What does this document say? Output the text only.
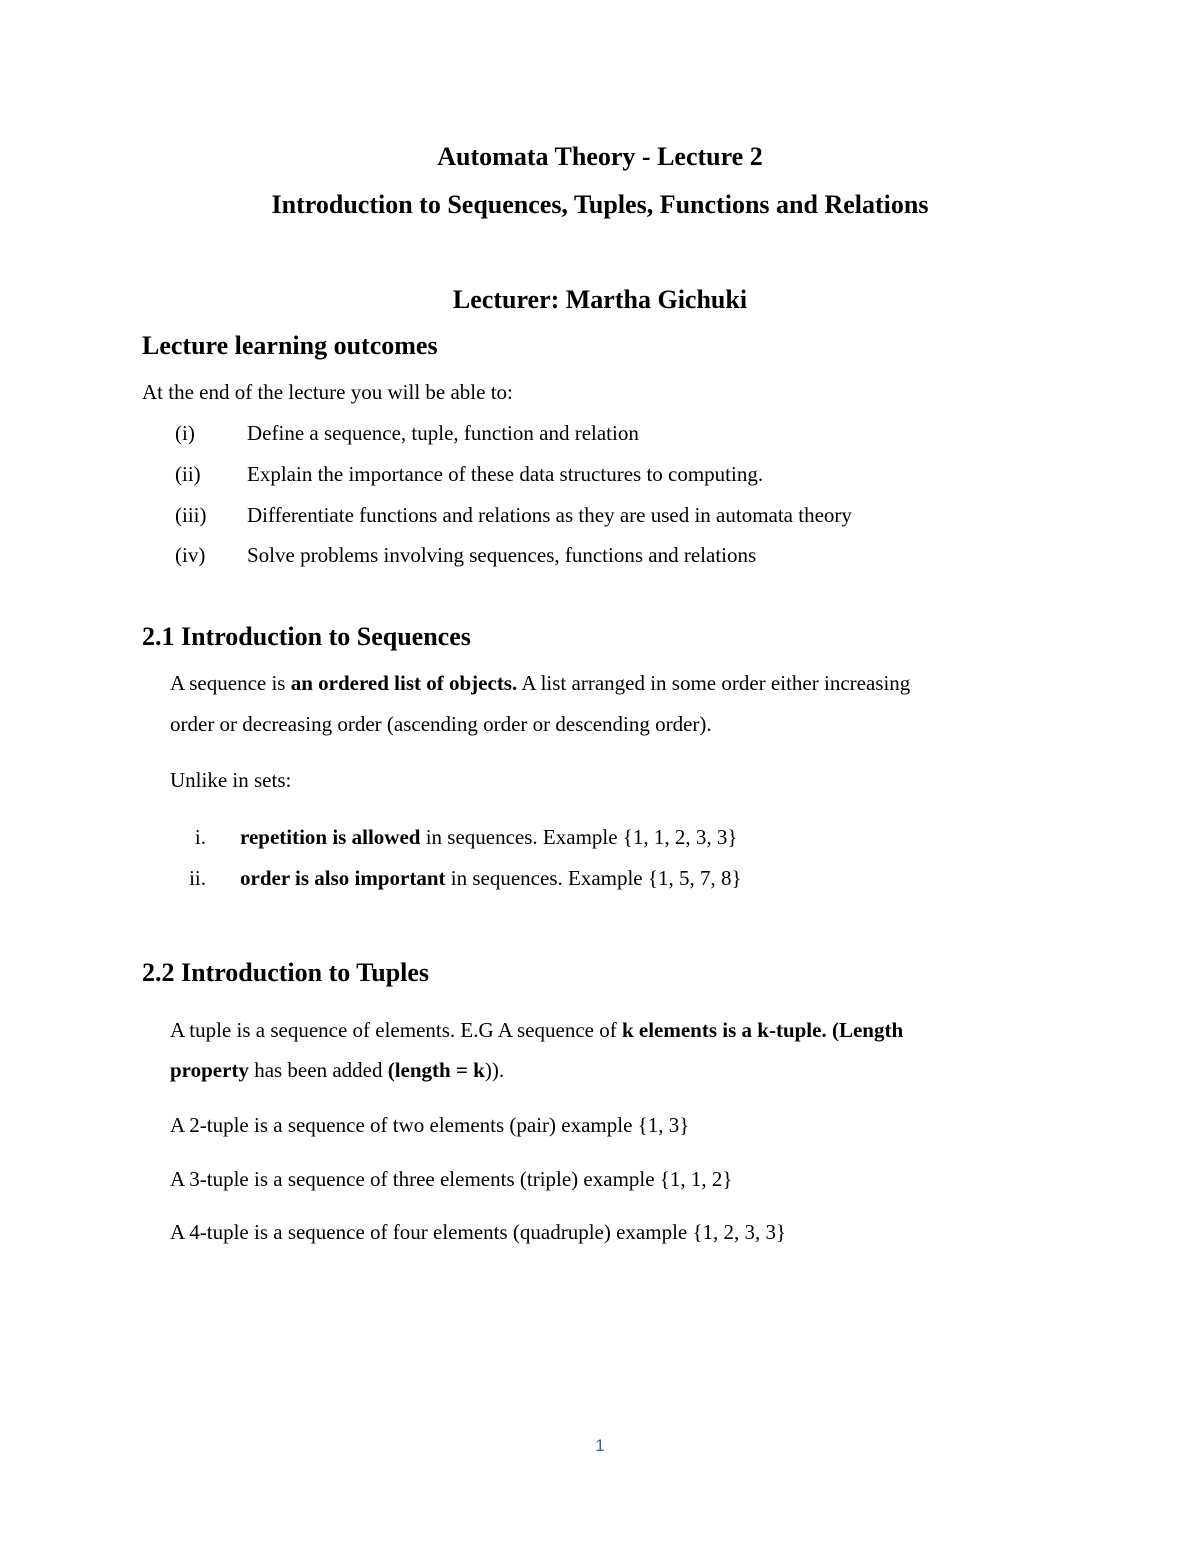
Automata Theory - Lecture 2
Introduction to Sequences, Tuples, Functions and Relations
Lecturer: Martha Gichuki
Lecture learning outcomes
At the end of the lecture you will be able to:
(i) Define a sequence, tuple, function and relation
(ii) Explain the importance of these data structures to computing.
(iii) Differentiate functions and relations as they are used in automata theory
(iv) Solve problems involving sequences, functions and relations
2.1 Introduction to Sequences
A sequence is an ordered list of objects. A list arranged in some order either increasing
order or decreasing order (ascending order or descending order).
Unlike in sets:
i. repetition is allowed in sequences. Example {1, 1, 2, 3, 3}
ii. order is also important in sequences. Example {1, 5, 7, 8}
2.2 Introduction to Tuples
A tuple is a sequence of elements. E.G A sequence of k elements is a k-tuple. (Length
property has been added (length = k)).
A 2-tuple is a sequence of two elements (pair) example {1, 3}
A 3-tuple is a sequence of three elements (triple) example {1, 1, 2}
A 4-tuple is a sequence of four elements (quadruple) example {1, 2, 3, 3}
1
